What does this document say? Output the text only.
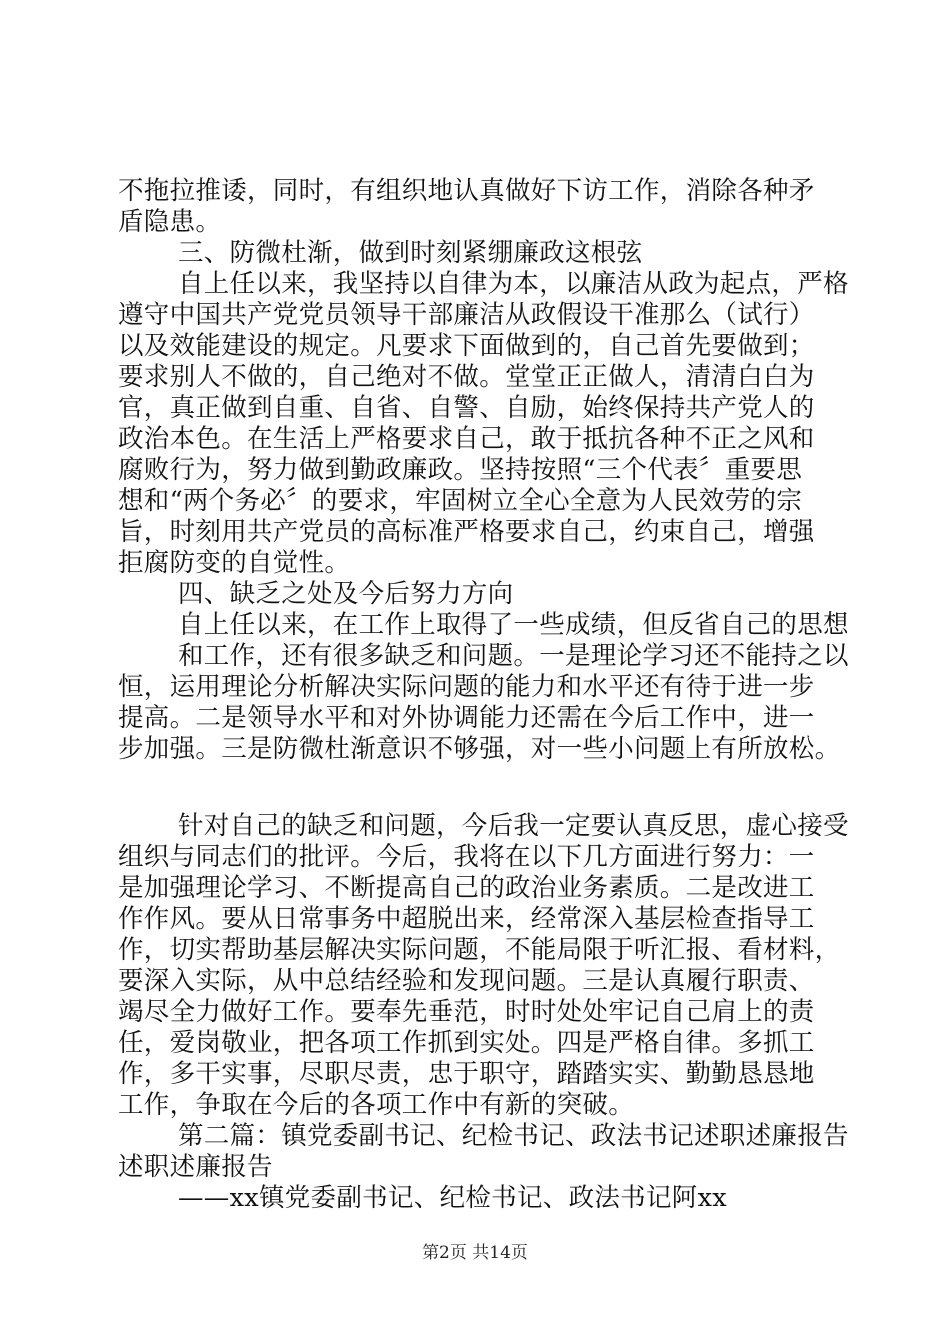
不拖拉推诿，同时，有组织地认真做好下访工作，消除各种矛
盾隐患。
三、防微杜渐，做到时刻紧绷廉政这根弦
自上任以来，我坚持以自律为本，以廉洁从政为起点，严格
遵守中国共产党党员领导干部廉洁从政假设干准那么（试行）
以及效能建设的规定。凡要求下面做到的，自己首先要做到；
要求别人不做的，自己绝对不做。堂堂正正做人，清清白白为
官，真正做到自重、自省、自警、自励，始终保持共产党人的
政治本色。在生活上严格要求自己，敢于抵抗各种不正之风和
腐败行为，努力做到勤政廉政。坚持按照“三个代表〞重要思
想和“两个务必〞的要求，牢固树立全心全意为人民效劳的宗
旨，时刻用共产党员的高标准严格要求自己，约束自己，增强
拒腐防变的自觉性。
四、缺乏之处及今后努力方向
自上任以来，在工作上取得了一些成绩，但反省自己的思想
和工作，还有很多缺乏和问题。一是理论学习还不能持之以
恒，运用理论分析解决实际问题的能力和水平还有待于进一步
提高。二是领导水平和对外协调能力还需在今后工作中，进一
步加强。三是防微杜渐意识不够强，对一些小问题上有所放松。
针对自己的缺乏和问题，今后我一定要认真反思，虚心接受
组织与同志们的批评。今后，我将在以下几方面进行努力：一
是加强理论学习、不断提高自己的政治业务素质。二是改进工
作作风。要从日常事务中超脱出来，经常深入基层检查指导工
作，切实帮助基层解决实际问题，不能局限于听汇报、看材料，
要深入实际，从中总结经验和发现问题。三是认真履行职责、
竭尽全力做好工作。要奉先垂范，时时处处牢记自己肩上的责
任，爱岗敬业，把各项工作抓到实处。四是严格自律。多抓工
作，多干实事，尽职尽责，忠于职守，踏踏实实、勤勤恳恳地
工作，争取在今后的各项工作中有新的突破。
第二篇：镇党委副书记、纪检书记、政法书记述职述廉报告
述职述廉报告
——xx镇党委副书记、纪检书记、政法书记阿xx
第2页 共14页
